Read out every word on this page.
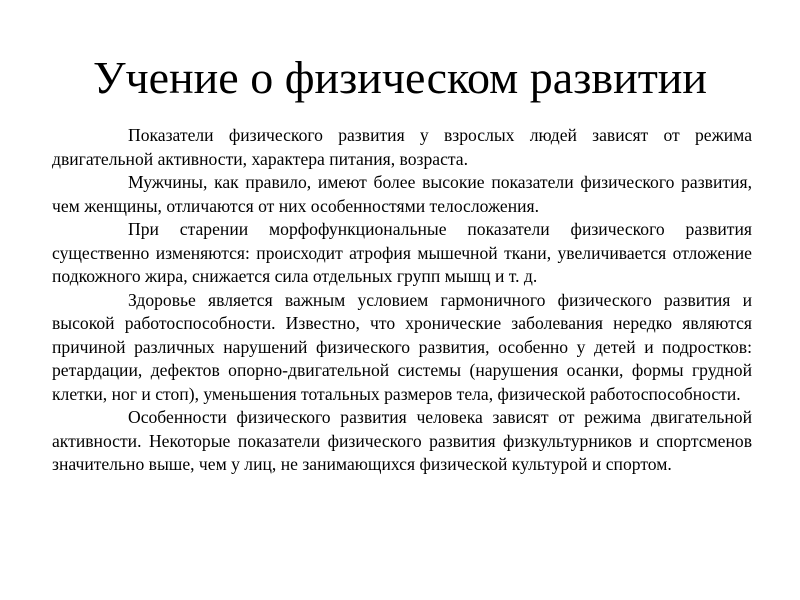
Учение о физическом развитии

Показатели физического развития у взрослых людей зависят от режима двигательной активности, характера питания, возраста.

Мужчины, как правило, имеют более высокие показатели физического развития, чем женщины, отличаются от них особенностями телосложения.

При старении морфофункциональные показатели физического развития существенно изменяются: происходит атрофия мышечной ткани, увеличивается отложение подкожного жира, снижается сила отдельных групп мышц и т. д.

Здоровье является важным условием гармоничного физического развития и высокой работоспособности. Известно, что хронические заболевания нередко являются причиной различных нарушений физического развития, особенно у детей и подростков: ретардации, дефектов опорно-двигательной системы (нарушения осанки, формы грудной клетки, ног и стоп), уменьшения тотальных размеров тела, физической работоспособности.

Особенности физического развития человека зависят от режима двигательной активности. Некоторые показатели физического развития физкультурников и спортсменов значительно выше, чем у лиц, не занимающихся физической культурой и спортом.
